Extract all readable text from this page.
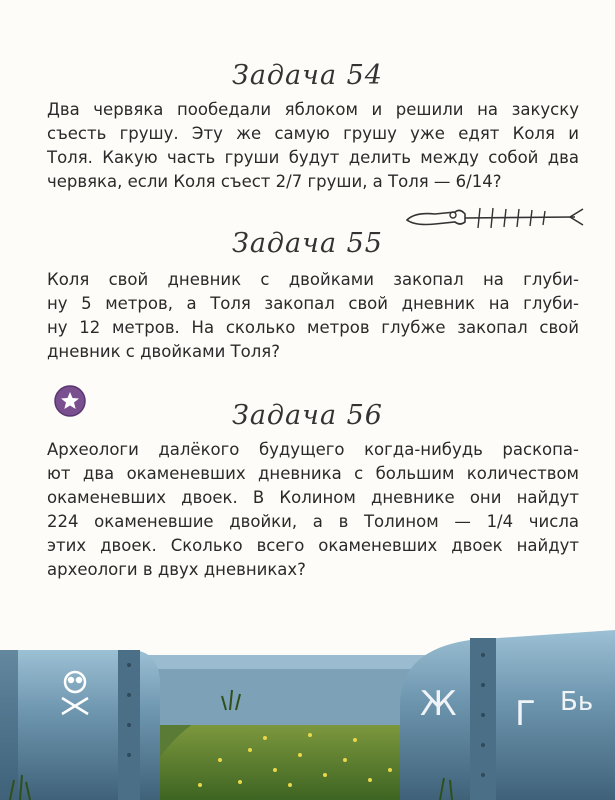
Задача 54

Два червяка пообедали яблоком и решили на закуску
съесть грушу. Эту же самую грушу уже едят Коля и
Толя. Какую часть груши будут делить между собой два
червяка, если Коля съест 2/7 груши, а Толя — 6/14?

Задача 55

Коля свой дневник с двойками закопал на глуби-
ну 5 метров, а Толя закопал свой дневник на глуби-
ну 12 метров. На сколько метров глубже закопал свой
дневник с двойками Толя?

Задача 56

Археологи далёкого будущего когда-нибудь раскопа-
ют два окаменевших дневника с большим количеством
окаменевших двоек. В Колином дневнике они найдут
224 окаменевшие двойки, а в Толином — 1/4 числа
этих двоек. Сколько всего окаменевших двоек найдут
археологи в двух дневниках?

Ж Г Бь
